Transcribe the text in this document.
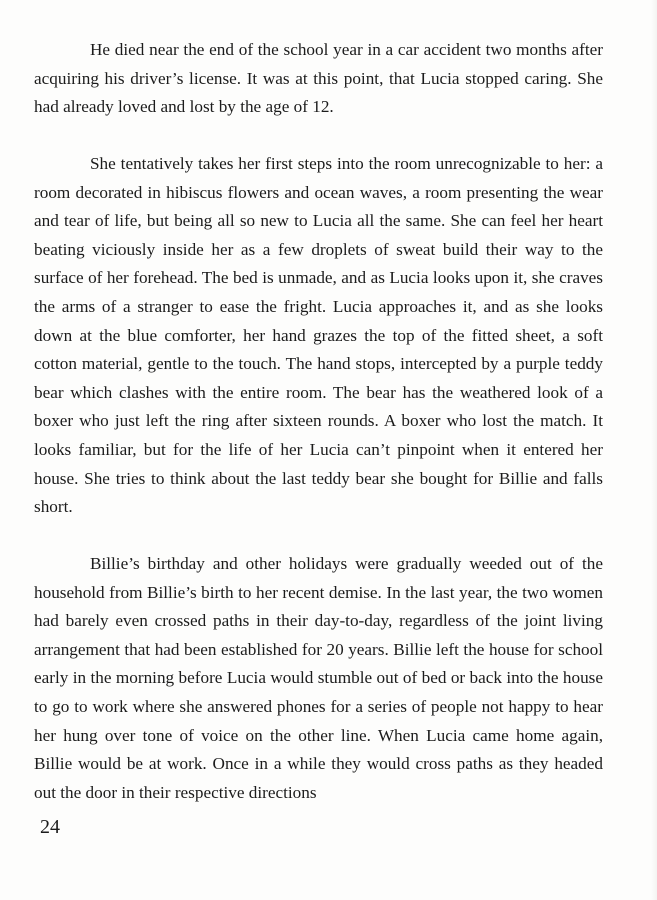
He died near the end of the school year in a car accident two months after acquiring his driver’s license. It was at this point, that Lucia stopped caring. She had already loved and lost by the age of 12.

She tentatively takes her first steps into the room unrecognizable to her: a room decorated in hibiscus flowers and ocean waves, a room presenting the wear and tear of life, but being all so new to Lucia all the same. She can feel her heart beating viciously inside her as a few droplets of sweat build their way to the surface of her forehead. The bed is unmade, and as Lucia looks upon it, she craves the arms of a stranger to ease the fright. Lucia approaches it, and as she looks down at the blue comforter, her hand grazes the top of the fitted sheet, a soft cotton material, gentle to the touch. The hand stops, intercepted by a purple teddy bear which clashes with the entire room. The bear has the weathered look of a boxer who just left the ring after sixteen rounds. A boxer who lost the match. It looks familiar, but for the life of her Lucia can’t pinpoint when it entered her house. She tries to think about the last teddy bear she bought for Billie and falls short.

Billie’s birthday and other holidays were gradually weeded out of the household from Billie’s birth to her recent demise. In the last year, the two women had barely even crossed paths in their day-to-day, regardless of the joint living arrangement that had been established for 20 years. Billie left the house for school early in the morning before Lucia would stumble out of bed or back into the house to go to work where she answered phones for a series of people not happy to hear her hung over tone of voice on the other line. When Lucia came home again, Billie would be at work. Once in a while they would cross paths as they headed out the door in their respective directions

24
